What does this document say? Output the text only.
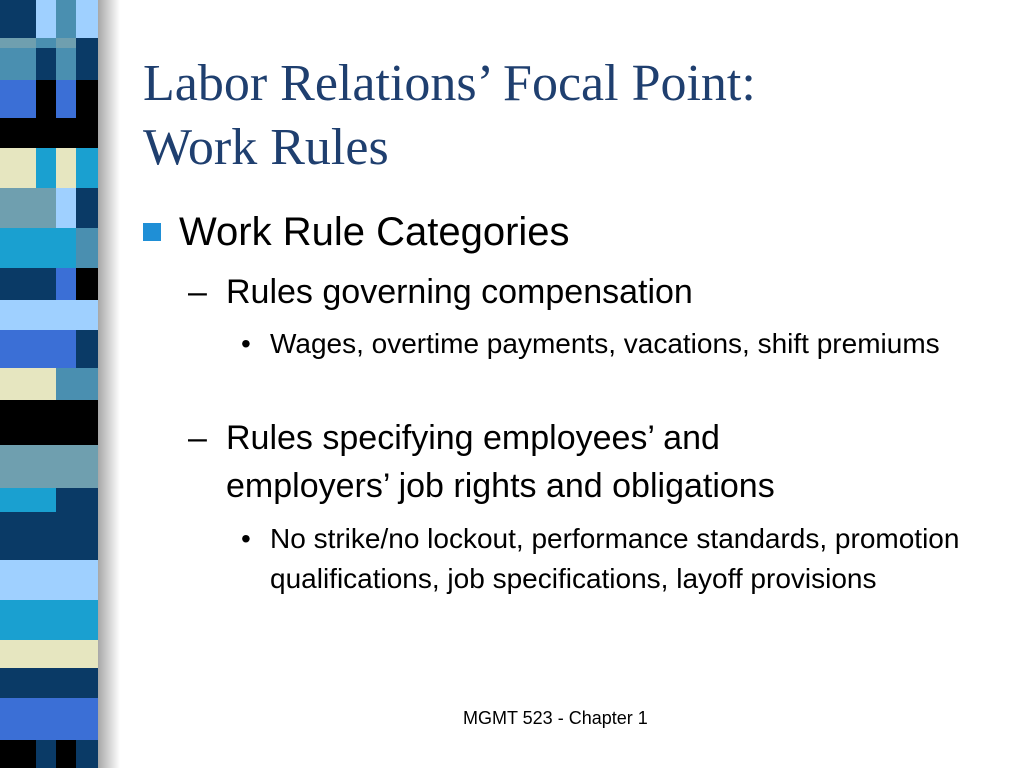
Labor Relations’ Focal Point:
Work Rules
Work Rule Categories
– Rules governing compensation
• Wages, overtime payments, vacations, shift premiums
– Rules specifying employees’ and employers’ job rights and obligations
• No strike/no lockout, performance standards, promotion qualifications, job specifications, layoff provisions
MGMT 523 - Chapter 1
